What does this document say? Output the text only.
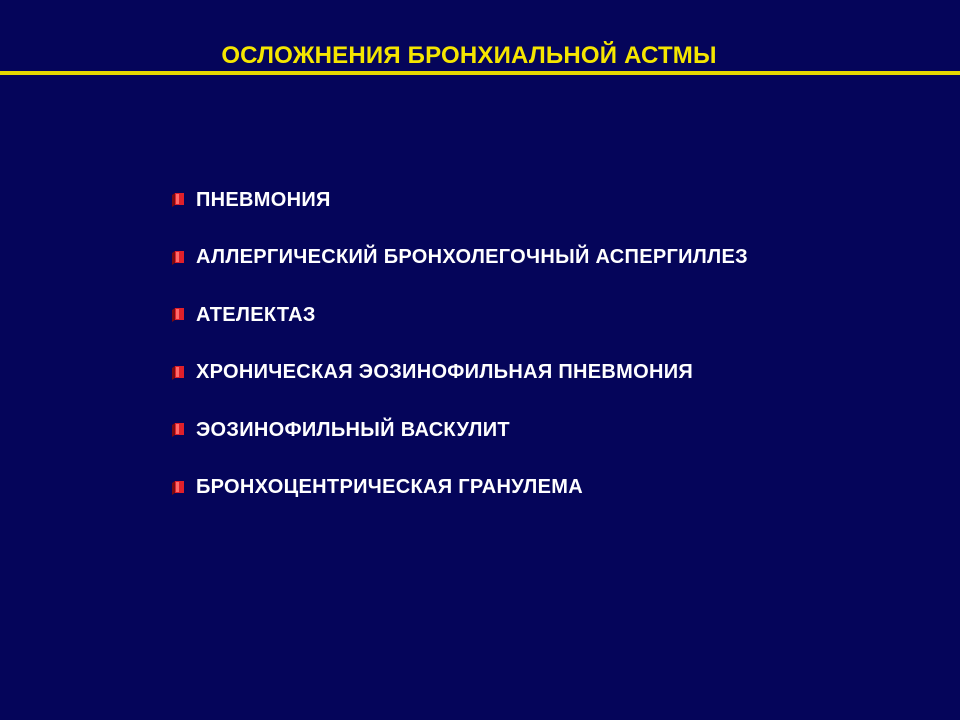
ОСЛОЖНЕНИЯ БРОНХИАЛЬНОЙ АСТМЫ
ПНЕВМОНИЯ
АЛЛЕРГИЧЕСКИЙ БРОНХОЛЕГОЧНЫЙ АСПЕРГИЛЛЕЗ
АТЕЛЕКТАЗ
ХРОНИЧЕСКАЯ ЭОЗИНОФИЛЬНАЯ ПНЕВМОНИЯ
ЭОЗИНОФИЛЬНЫЙ ВАСКУЛИТ
БРОНХОЦЕНТРИЧЕСКАЯ ГРАНУЛЕМА
